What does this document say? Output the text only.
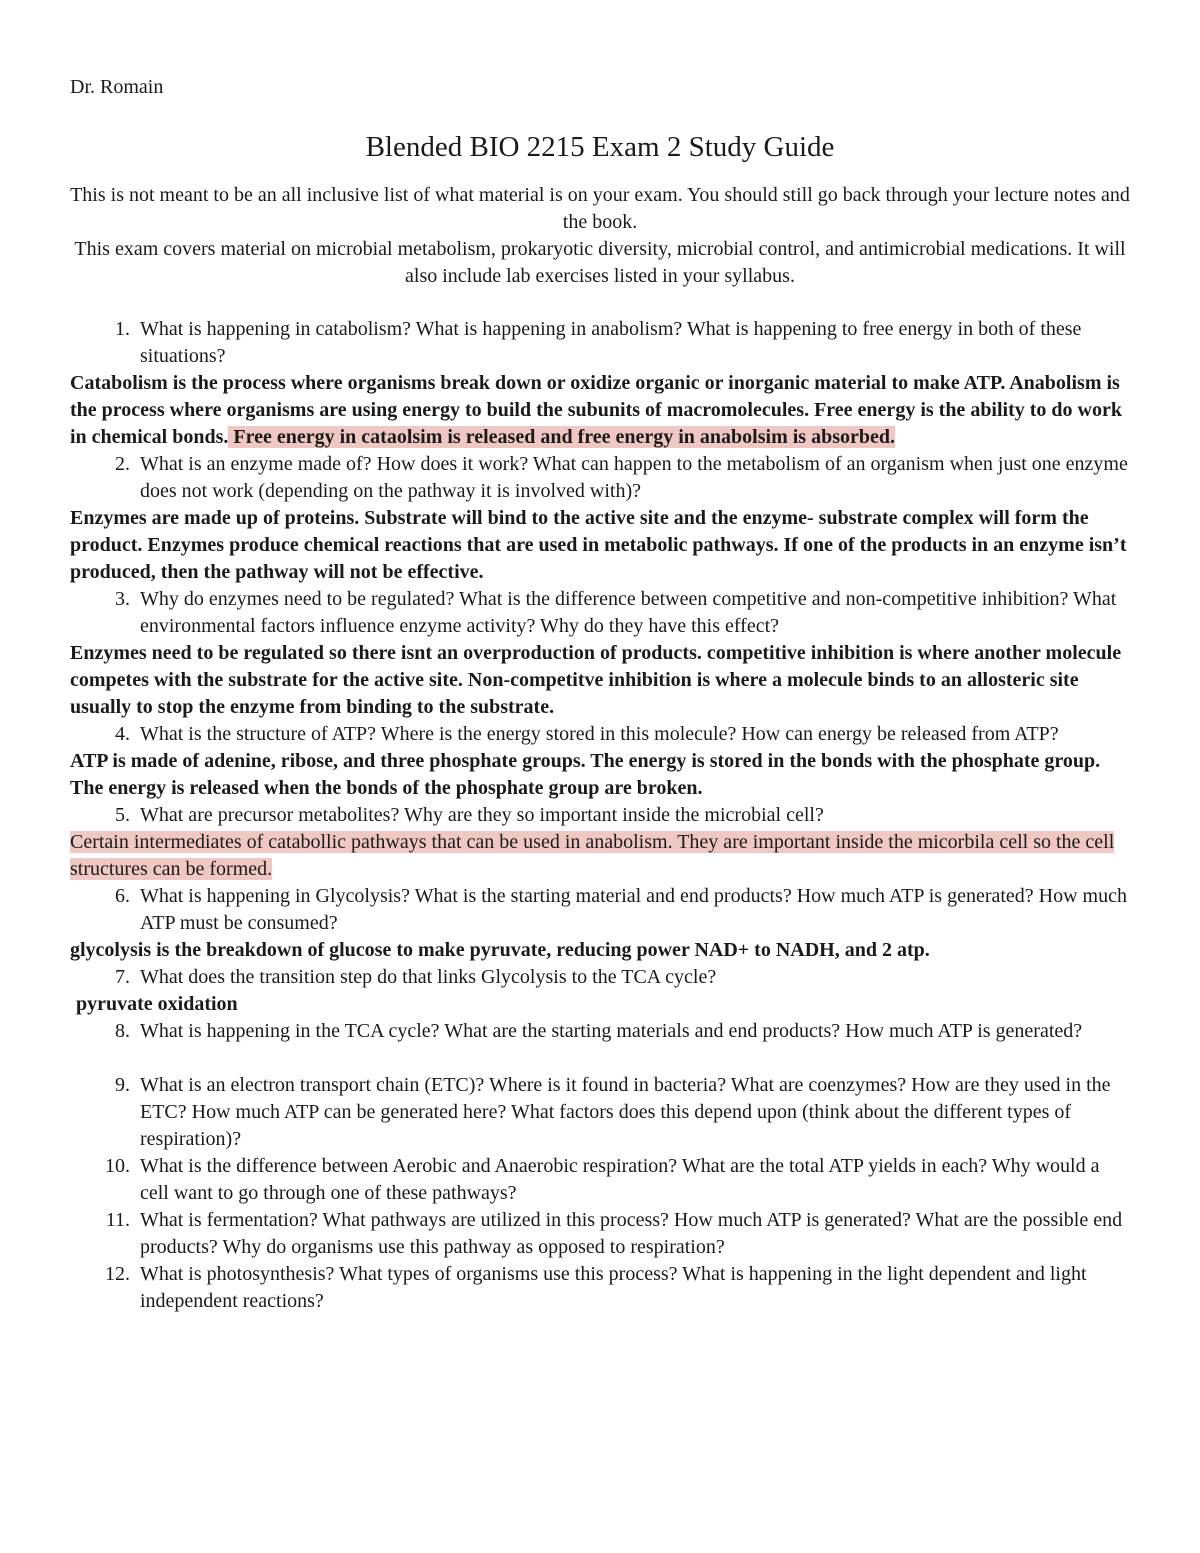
Dr. Romain
Blended BIO 2215 Exam 2 Study Guide

This is not meant to be an all inclusive list of what material is on your exam. You should still go back through your lecture notes and the book.

This exam covers material on microbial metabolism, prokaryotic diversity, microbial control, and antimicrobial medications. It will also include lab exercises listed in your syllabus.

1. What is happening in catabolism? What is happening in anabolism? What is happening to free energy in both of these situations?

Catabolism is the process where organisms break down or oxidize organic or inorganic material to make ATP. Anabolism is the process where organisms are using energy to build the subunits of macromolecules. Free energy is the ability to do work in chemical bonds. Free energy in cataolsim is released and free energy in anabolsim is absorbed.

2. What is an enzyme made of? How does it work? What can happen to the metabolism of an organism when just one enzyme does not work (depending on the pathway it is involved with)?

Enzymes are made up of proteins. Substrate will bind to the active site and the enzyme- substrate complex will form the product. Enzymes produce chemical reactions that are used in metabolic pathways. If one of the products in an enzyme isn’t produced, then the pathway will not be effective.

3. Why do enzymes need to be regulated? What is the difference between competitive and non-competitive inhibition? What environmental factors influence enzyme activity? Why do they have this effect?

Enzymes need to be regulated so there isnt an overproduction of products. competitive inhibition is where another molecule competes with the substrate for the active site. Non-competitve inhibition is where a molecule binds to an allosteric site usually to stop the enzyme from binding to the substrate.

4. What is the structure of ATP? Where is the energy stored in this molecule? How can energy be released from ATP?

ATP is made of adenine, ribose, and three phosphate groups. The energy is stored in the bonds with the phosphate group. The energy is released when the bonds of the phosphate group are broken.

5. What are precursor metabolites? Why are they so important inside the microbial cell?

Certain intermediates of catabollic pathways that can be used in anabolism. They are important inside the micorbila cell so the cell structures can be formed.

6. What is happening in Glycolysis? What is the starting material and end products? How much ATP is generated? How much ATP must be consumed?

glycolysis is the breakdown of glucose to make pyruvate, reducing power NAD+ to NADH, and 2 atp.

7. What does the transition step do that links Glycolysis to the TCA cycle?

pyruvate oxidation

8. What is happening in the TCA cycle? What are the starting materials and end products? How much ATP is generated?
9. What is an electron transport chain (ETC)? Where is it found in bacteria? What are coenzymes? How are they used in the ETC? How much ATP can be generated here? What factors does this depend upon (think about the different types of respiration)?
10. What is the difference between Aerobic and Anaerobic respiration? What are the total ATP yields in each? Why would a cell want to go through one of these pathways?
11. What is fermentation? What pathways are utilized in this process? How much ATP is generated? What are the possible end products? Why do organisms use this pathway as opposed to respiration?
12. What is photosynthesis? What types of organisms use this process? What is happening in the light dependent and light independent reactions?
